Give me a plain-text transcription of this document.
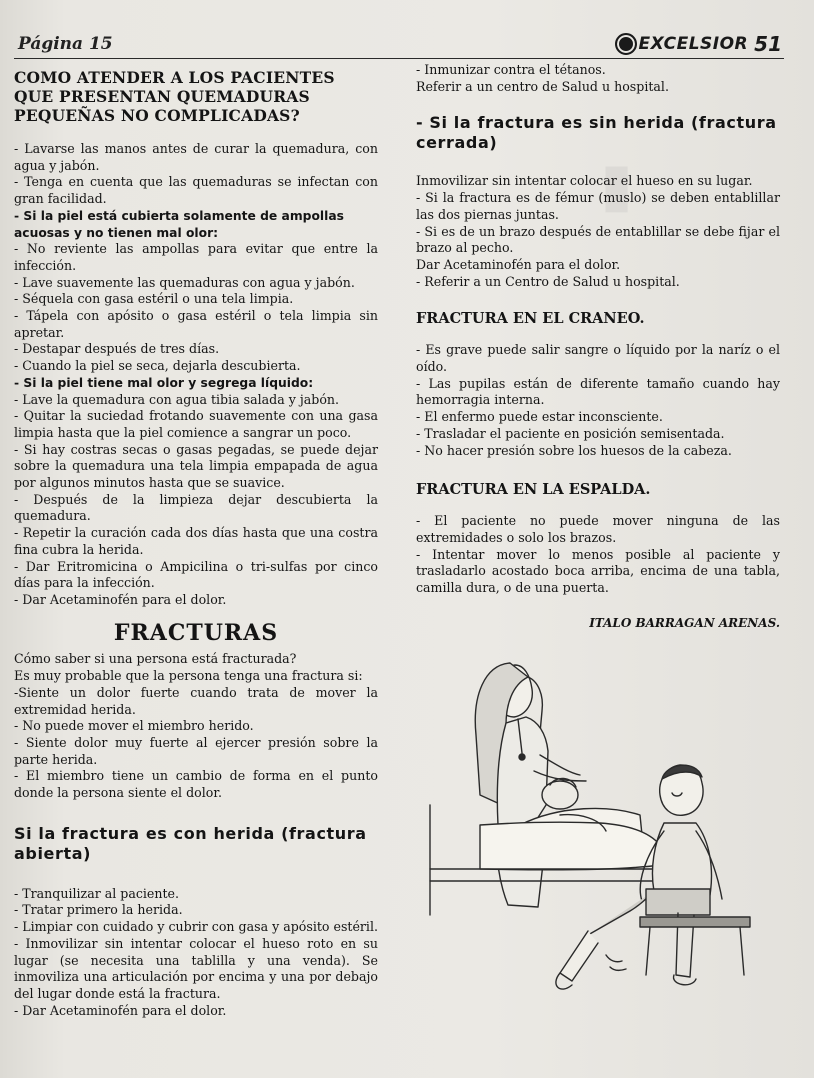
▮
Página 15	EXCELSIOR 51
COMO ATENDER A LOS PACIENTES QUE PRESENTAN QUEMADURAS PEQUEÑAS NO COMPLICADAS?

- Lavarse las manos antes de curar la quemadura, con agua y jabón.

- Tenga en cuenta que las quemaduras se infectan con gran facilidad.

- Si la piel está cubierta solamente de ampollas acuosas y no tienen mal olor:

- No reviente las ampollas para evitar que entre la infección.

- Lave suavemente las quemaduras con agua y jabón.

- Séquela con gasa estéril o una tela limpia.

- Tápela con apósito o gasa estéril o tela limpia sin apretar.

- Destapar después de tres días.

- Cuando la piel se seca, dejarla descubierta.

- Si la piel tiene mal olor y segrega líquido:

- Lave la quemadura con agua tibia salada y jabón.

- Quitar la suciedad frotando suavemente con una gasa limpia hasta que la piel comience a sangrar un poco.

- Si hay costras secas o gasas pegadas, se puede dejar sobre la quemadura una tela limpia empapada de agua por algunos minutos hasta que se suavice.

- Después de la limpieza dejar descubierta la quemadura.

- Repetir la curación cada dos días hasta que una costra fina cubra la herida.

- Dar Eritromicina o Ampicilina o tri-sulfas por cinco días para la infección.

- Dar Acetaminofén para el dolor.

FRACTURAS

Cómo saber si una persona está fracturada?

Es muy probable que la persona tenga una fractura si:

-Siente un dolor fuerte cuando trata de mover la extremidad herida.

- No puede mover el miembro herido.

- Siente dolor muy fuerte al ejercer presión sobre la parte herida.

- El miembro tiene un cambio de forma en el punto donde la persona siente el dolor.

Si la fractura es con herida (fractura abierta)

- Tranquilizar al paciente.

- Tratar primero la herida.

- Limpiar con cuidado y cubrir con gasa y apósito estéril.

- Inmovilizar sin intentar colocar el hueso roto en su lugar (se necesita una tablilla y una venda). Se inmoviliza una articulación por encima y una por debajo del lugar donde está la fractura.

- Dar Acetaminofén para el dolor.

- Inmunizar contra el tétanos.

Referir a un centro de Salud u hospital.

- Si la fractura es sin herida (fractura cerrada)

Inmovilizar sin intentar colocar el hueso en su lugar.

- Si la fractura es de fémur (muslo) se deben entablillar las dos piernas juntas.

- Si es de un brazo después de entablillar se debe fijar el brazo al pecho.

Dar Acetaminofén para el dolor.

- Referir a un Centro de Salud u hospital.

FRACTURA EN EL CRANEO.

- Es grave puede salir sangre o líquido por la naríz o el oído.

- Las pupilas están de diferente tamaño cuando hay hemorragia interna.

- El enfermo puede estar inconsciente.

- Trasladar el paciente en posición semisentada.

- No hacer presión sobre los huesos de la cabeza.

FRACTURA EN LA ESPALDA.

- El paciente no puede mover ninguna de las extremidades o solo los brazos.

- Intentar mover lo menos posible al paciente y trasladarlo acostado boca arriba, encima de una tabla, camilla dura, o de una puerta.

ITALO BARRAGAN ARENAS.
